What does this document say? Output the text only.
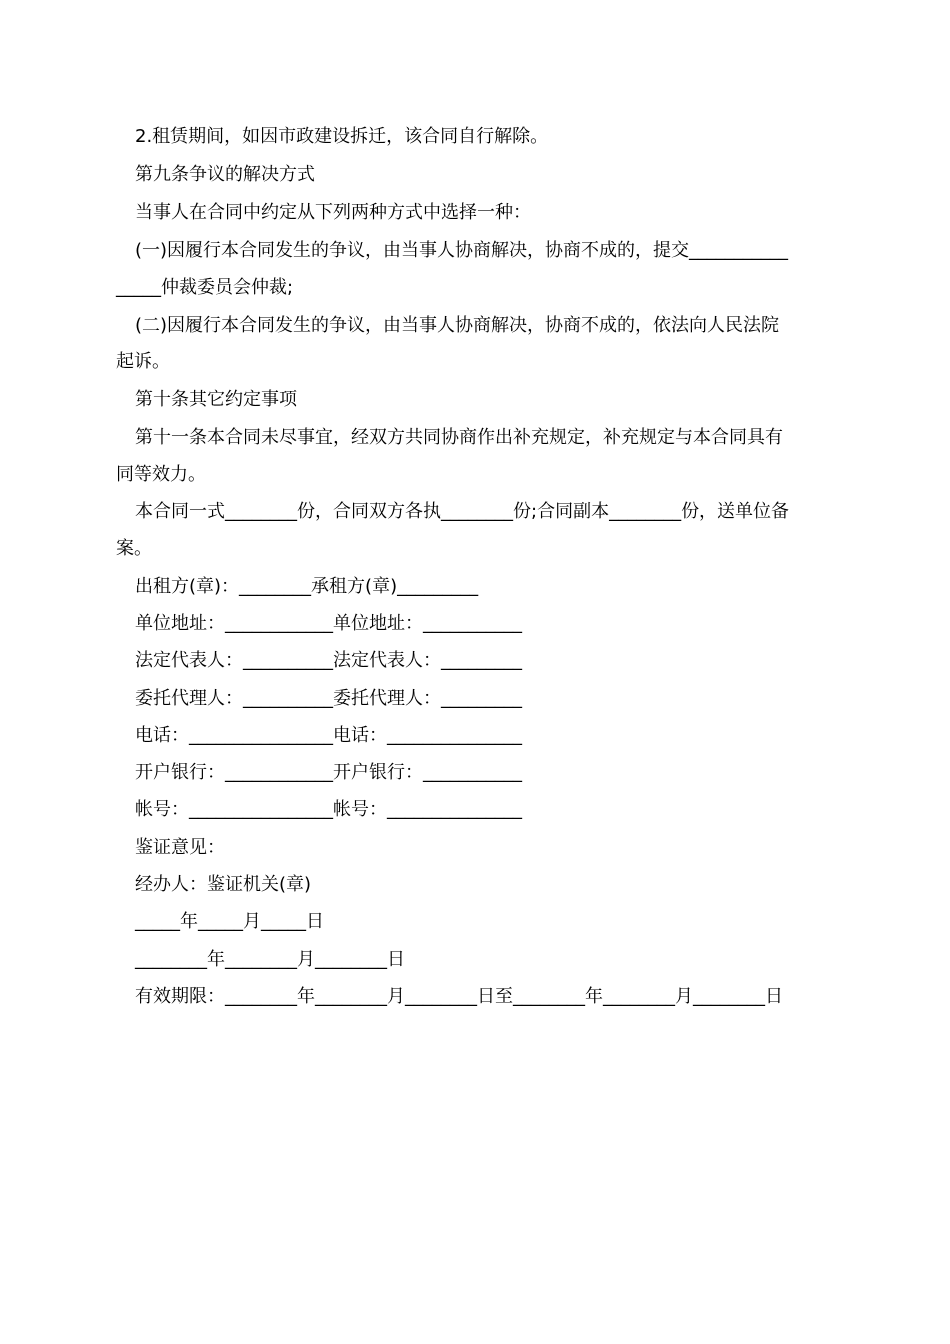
2.租赁期间，如因市政建设拆迁，该合同自行解除。
第九条争议的解决方式
当事人在合同中约定从下列两种方式中选择一种：
(一)因履行本合同发生的争议，由当事人协商解决，协商不成的，提交___________
_____仲裁委员会仲裁;
(二)因履行本合同发生的争议，由当事人协商解决，协商不成的，依法向人民法院
起诉。
第十条其它约定事项
第十一条本合同未尽事宜，经双方共同协商作出补充规定，补充规定与本合同具有
同等效力。
本合同一式________份，合同双方各执________份;合同副本________份，送单位备
案。
出租方(章)：________承租方(章)_________
单位地址：____________单位地址：___________
法定代表人：__________法定代表人：_________
委托代理人：__________委托代理人：_________
电话：________________电话：_______________
开户银行：____________开户银行：___________
帐号：________________帐号：_______________
鉴证意见：
经办人：鉴证机关(章)
_____年_____月_____日
________年________月________日
有效期限：________年________月________日至________年________月________日
